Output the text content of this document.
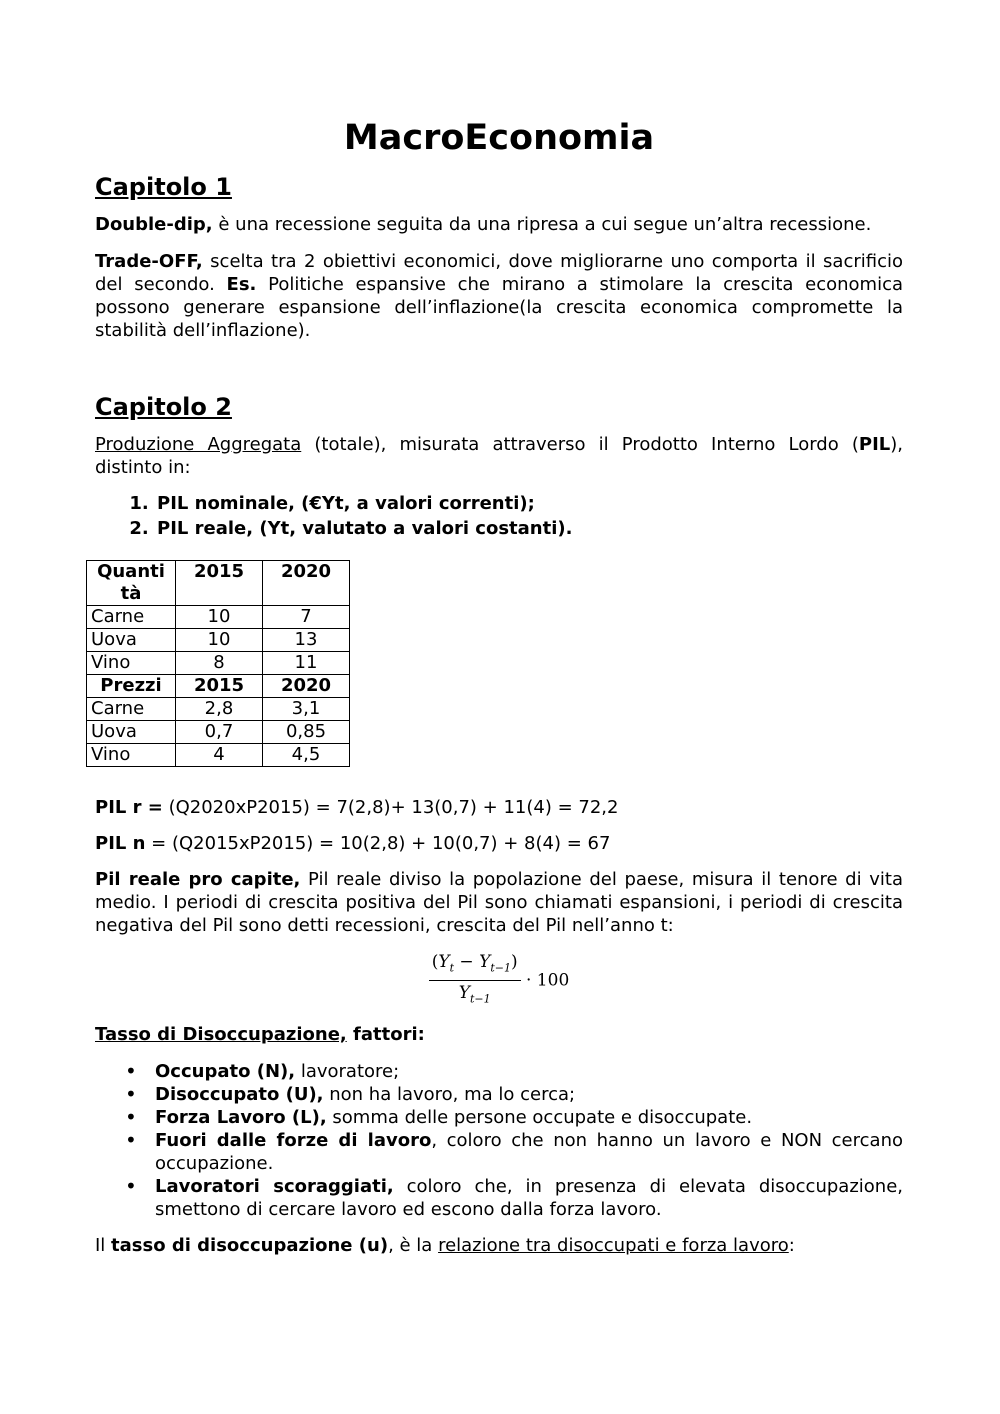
MacroEconomia
Capitolo 1

Double-dip, è una recessione seguita da una ripresa a cui segue un’altra recessione.

Trade-OFF, scelta tra 2 obiettivi economici, dove migliorarne uno comporta il sacrificio del secondo. Es. Politiche espansive che mirano a stimolare la crescita economica possono generare espansione dell’inflazione(la crescita economica compromette la stabilità dell’inflazione).

Capitolo 2

Produzione Aggregata (totale), misurata attraverso il Prodotto Interno Lordo (PIL), distinto in:

1. PIL nominale, (€Yt, a valori correnti);
2. PIL reale, (Yt, valutato a valori costanti).
Quanti tà	2015	2020
Carne	10	7
Uova	10	13
Vino	8	11
Prezzi	2015	2020
Carne	2,8	3,1
Uova	0,7	0,85
Vino	4	4,5

PIL r = (Q2020xP2015) = 7(2,8)+ 13(0,7) + 11(4) = 72,2

PIL n = (Q2015xP2015) = 10(2,8) + 10(0,7) + 8(4) = 67

Pil reale pro capite, Pil reale diviso la popolazione del paese, misura il tenore di vita medio. I periodi di crescita positiva del Pil sono chiamati espansioni, i periodi di crescita negativa del Pil sono detti recessioni, crescita del Pil nell’anno t:

$\frac{(Y_t - Y_{t-1})}{Y_{t-1}} \cdot 100$

Tasso di Disoccupazione, fattori:

• Occupato (N), lavoratore;
• Disoccupato (U), non ha lavoro, ma lo cerca;
• Forza Lavoro (L), somma delle persone occupate e disoccupate.
• Fuori dalle forze di lavoro, coloro che non hanno un lavoro e NON cercano occupazione.
• Lavoratori scoraggiati, coloro che, in presenza di elevata disoccupazione, smettono di cercare lavoro ed escono dalla forza lavoro.

Il tasso di disoccupazione (u), è la relazione tra disoccupati e forza lavoro:
